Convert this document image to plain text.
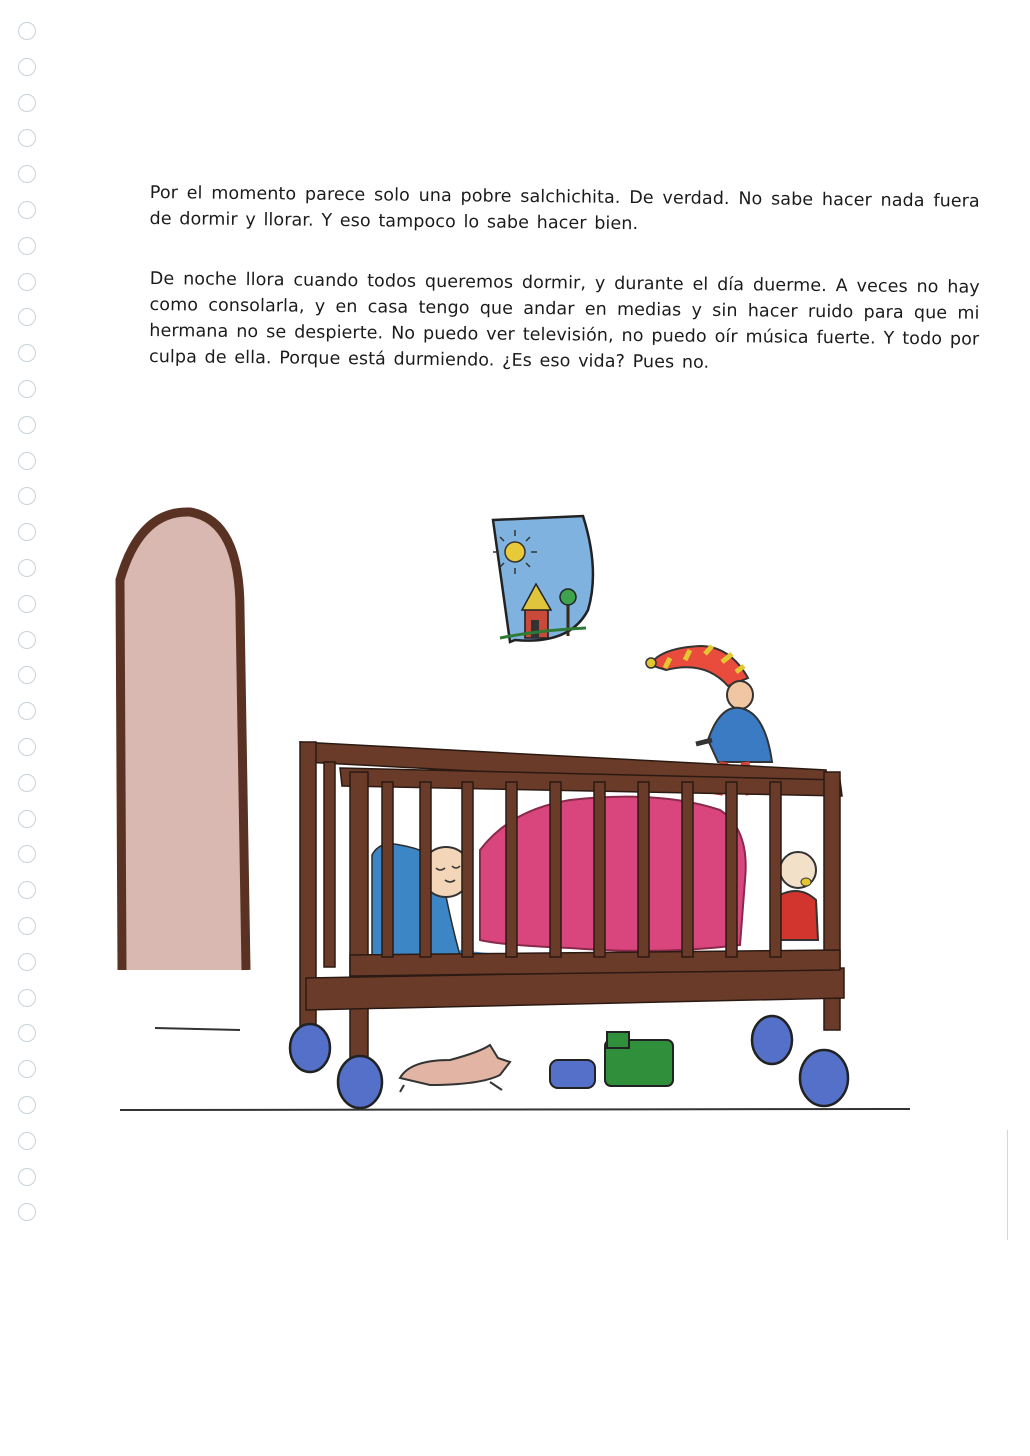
Por el momento parece solo una pobre salchichita. De verdad. No sabe hacer nada fuera de dormir y llorar. Y eso tampoco lo sabe hacer bien.

De noche llora cuando todos queremos dormir, y durante el día duerme. A veces no hay como consolarla, y en casa tengo que andar en medias y sin hacer ruido para que mi hermana no se despierte. No puedo ver televisión, no puedo oír música fuerte. Y todo por culpa de ella. Porque está durmiendo. ¿Es eso vida? Pues no.
